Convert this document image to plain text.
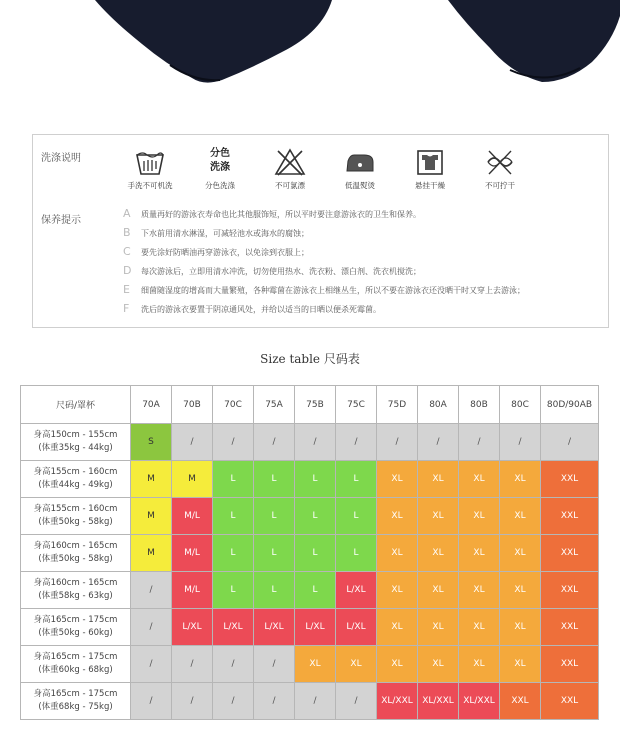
洗涤说明
手洗不可机洗
分色
洗涤
分色洗涤	不可氯漂	低温熨烫	悬挂干燥	不可拧干
保养提示
A 质量再好的游泳衣寿命也比其他服饰短，所以平时要注意游泳衣的卫生和保养。
B 下水前用清水淋湿，可减轻池水或海水的腐蚀；
C 要先涂好防晒油再穿游泳衣，以免涂到衣服上；
D 每次游泳后，立即用清水冲洗，切勿使用热水、洗衣粉、漂白剂、洗衣机搅洗；
E 细菌随湿度的增高而大量繁殖，各种霉菌在游泳衣上相继丛生，所以不要在游泳衣还没晒干时又穿上去游泳；
F 洗后的游泳衣要置于阴凉通风处，并给以适当的日晒以便杀死霉菌。
Size table 尺码表
尺码/罩杯	70A	70B	70C	75A	75B	75C	75D	80A	80B	80C	80D/90AB
身高150cm - 155cm
(体重35kg - 44kg)	S	/	/	/	/	/	/	/	/	/	/
身高155cm - 160cm
(体重44kg - 49kg)	M	M	L	L	L	L	XL	XL	XL	XL	XXL
身高155cm - 160cm
(体重50kg - 58kg)	M	M/L	L	L	L	L	XL	XL	XL	XL	XXL
身高160cm - 165cm
(体重50kg - 58kg)	M	M/L	L	L	L	L	XL	XL	XL	XL	XXL
身高160cm - 165cm
(体重58kg - 63kg)	/	M/L	L	L	L	L/XL	XL	XL	XL	XL	XXL
身高165cm - 175cm
(体重50kg - 60kg)	/	L/XL	L/XL	L/XL	L/XL	L/XL	XL	XL	XL	XL	XXL
身高165cm - 175cm
(体重60kg - 68kg)	/	/	/	/	XL	XL	XL	XL	XL	XL	XXL
身高165cm - 175cm
(体重68kg - 75kg)	/	/	/	/	/	/	XL/XXL	XL/XXL	XL/XXL	XXL	XXL
